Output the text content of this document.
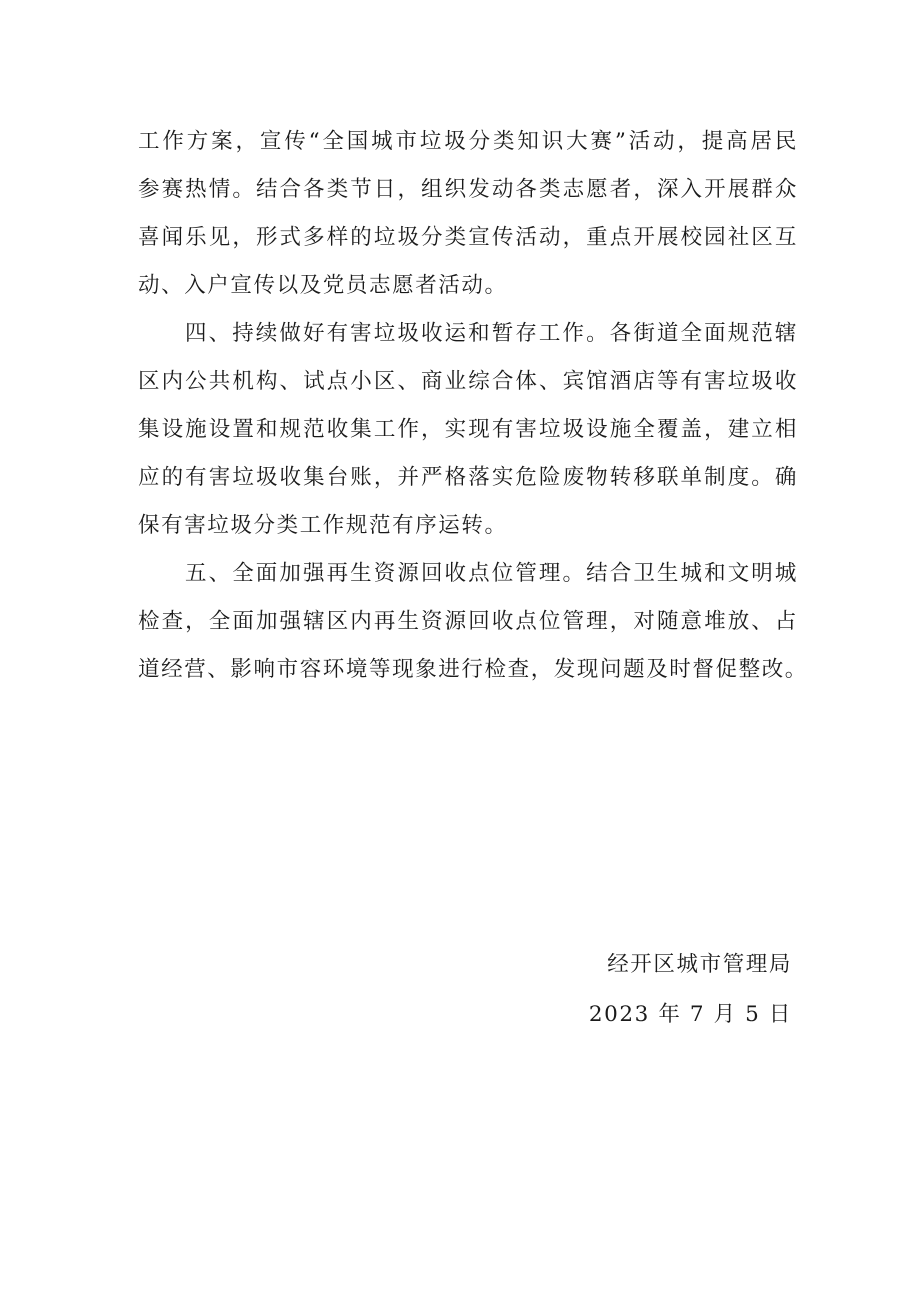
工作方案，宣传“全国城市垃圾分类知识大赛”活动，提高居民
参赛热情。结合各类节日，组织发动各类志愿者，深入开展群众
喜闻乐见，形式多样的垃圾分类宣传活动，重点开展校园社区互
动、入户宣传以及党员志愿者活动。
四、持续做好有害垃圾收运和暂存工作。各街道全面规范辖
区内公共机构、试点小区、商业综合体、宾馆酒店等有害垃圾收
集设施设置和规范收集工作，实现有害垃圾设施全覆盖，建立相
应的有害垃圾收集台账，并严格落实危险废物转移联单制度。确
保有害垃圾分类工作规范有序运转。
五、全面加强再生资源回收点位管理。结合卫生城和文明城
检查，全面加强辖区内再生资源回收点位管理，对随意堆放、占
道经营、影响市容环境等现象进行检查，发现问题及时督促整改。
经开区城市管理局
2023 年 7 月 5 日
